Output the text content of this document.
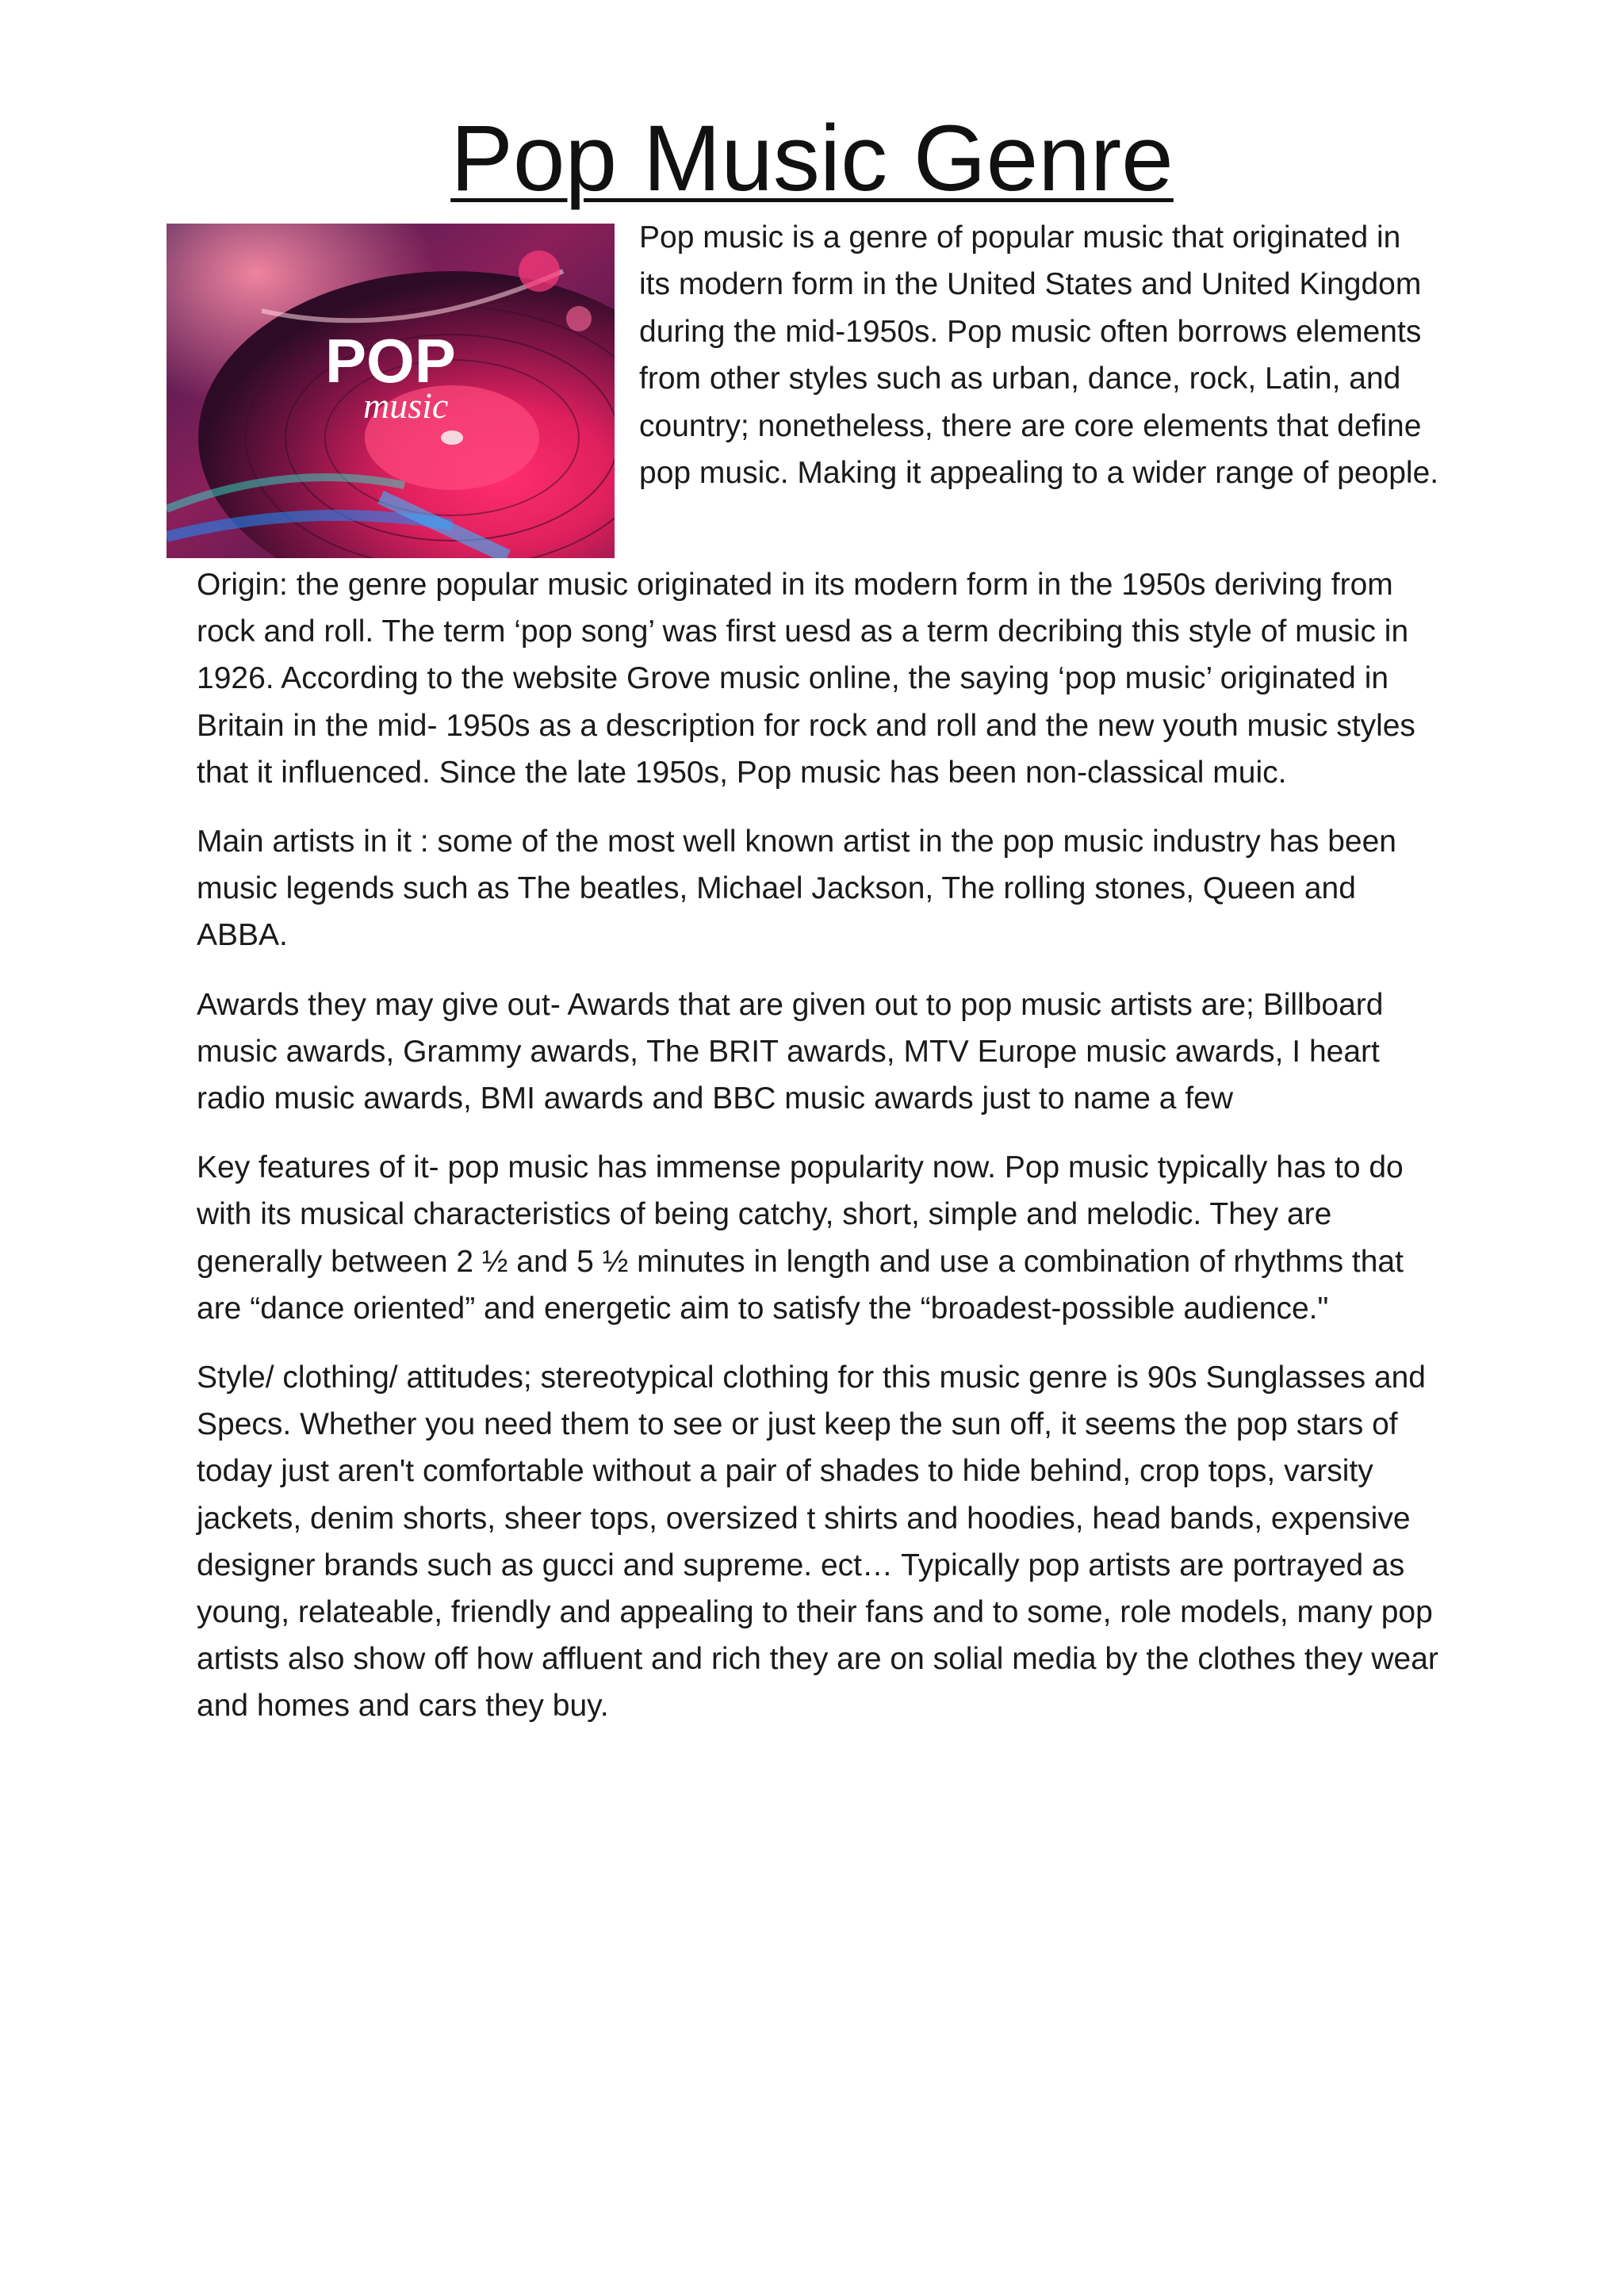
Pop Music Genre
POP
music

Pop music is a genre of popular music that originated in its modern form in the United States and United Kingdom during the mid-1950s. Pop music often borrows elements from other styles such as urban, dance, rock, Latin, and country; nonetheless, there are core elements that define pop music. Making it appealing to a wider range of people.

Origin: the genre popular music originated in its modern form in the 1950s deriving from rock and roll. The term ‘pop song’ was first uesd as a term decribing this style of music in 1926. According to the website Grove music online, the saying ‘pop music’ originated in Britain in the mid- 1950s as a description for rock and roll and the new youth music styles that it influenced. Since the late 1950s, Pop music has been non-classical muic.

Main artists in it : some of the most well known artist in the pop music industry has been music legends such as The beatles, Michael Jackson, The rolling stones, Queen and ABBA.

Awards they may give out- Awards that are given out to pop music artists are; Billboard music awards, Grammy awards, The BRIT awards, MTV Europe music awards, I heart radio music awards, BMI awards and BBC music awards just to name a few

Key features of it- pop music has immense popularity now. Pop music typically has to do with its musical characteristics of being catchy, short, simple and melodic. They are generally between 2 ½ and 5 ½ minutes in length and use a combination of rhythms that are “dance oriented” and energetic aim to satisfy the “broadest-possible audience."

Style/ clothing/ attitudes; stereotypical clothing for this music genre is 90s Sunglasses and Specs. Whether you need them to see or just keep the sun off, it seems the pop stars of today just aren't comfortable without a pair of shades to hide behind, crop tops, varsity jackets, denim shorts, sheer tops, oversized t shirts and hoodies, head bands, expensive designer brands such as gucci and supreme. ect… Typically pop artists are portrayed as young, relateable, friendly and appealing to their fans and to some, role models, many pop artists also show off how affluent and rich they are on solial media by the clothes they wear and homes and cars they buy.
